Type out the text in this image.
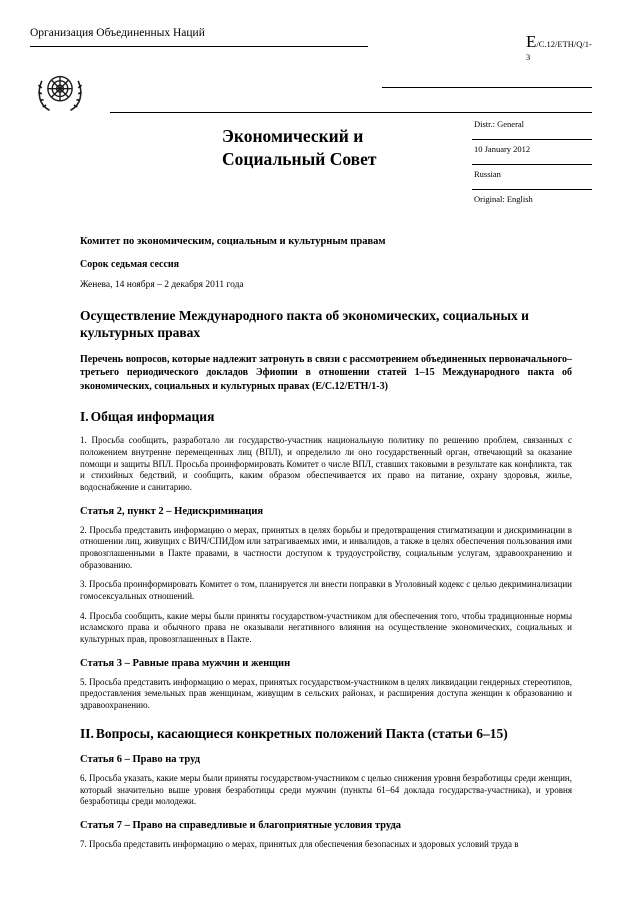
Организация Объединенных Наций	E/C.12/ETH/Q/1-3
Экономический и Социальный Совет
Distr.: General
10 January 2012
Russian
Original: English
Комитет по экономическим, социальным и культурным правам
Сорок седьмая сессия
Женева, 14 ноября – 2 декабря 2011 года
Осуществление Международного пакта об экономических, социальных и культурных правах
Перечень вопросов, которые надлежит затронуть в связи с рассмотрением объединенных первоначального–третьего периодического докладов Эфиопии в отношении статей 1–15 Международного пакта об экономических, социальных и культурных правах (E/C.12/ETH/1-3)
I. Общая информация
1. Просьба сообщить, разработало ли государство-участник национальную политику по решению проблем, связанных с положением внутренне перемещенных лиц (ВПЛ), и определило ли оно государственный орган, отвечающий за оказание помощи и защиты ВПЛ. Просьба проинформировать Комитет о числе ВПЛ, ставших таковыми в результате как конфликта, так и стихийных бедствий, и сообщить, каким образом обеспечивается их право на питание, охрану здоровья, жилье, водоснабжение и санитарию.
Статья 2, пункт 2 – Недискриминация
2. Просьба представить информацию о мерах, принятых в целях борьбы и предотвращения стигматизации и дискриминации в отношении лиц, живущих с ВИЧ/СПИДом или затрагиваемых ими, и инвалидов, а также в целях обеспечения пользования ими провозглашенными в Пакте правами, в частности доступом к трудоустройству, социальным услугам, здравоохранению и образованию.
3. Просьба проинформировать Комитет о том, планируется ли внести поправки в Уголовный кодекс с целью декриминализации гомосексуальных отношений.
4. Просьба сообщить, какие меры были приняты государством-участником для обеспечения того, чтобы традиционные нормы исламского права и обычного права не оказывали негативного влияния на осуществление экономических, социальных и культурных прав, провозглашенных в Пакте.
Статья 3 – Равные права мужчин и женщин
5. Просьба представить информацию о мерах, принятых государством-участником в целях ликвидации гендерных стереотипов, предоставления земельных прав женщинам, живущим в сельских районах, и расширения доступа женщин к образованию и здравоохранению.
II. Вопросы, касающиеся конкретных положений Пакта (статьи 6–15)
Статья 6 – Право на труд
6. Просьба указать, какие меры были приняты государством-участником с целью снижения уровня безработицы среди женщин, который значительно выше уровня безработицы среди мужчин (пункты 61–64 доклада государства-участника), и уровня безработицы среди молодежи.
Статья 7 – Право на справедливые и благоприятные условия труда
7. Просьба представить информацию о мерах, принятых для обеспечения безопасных и здоровых условий труда в
